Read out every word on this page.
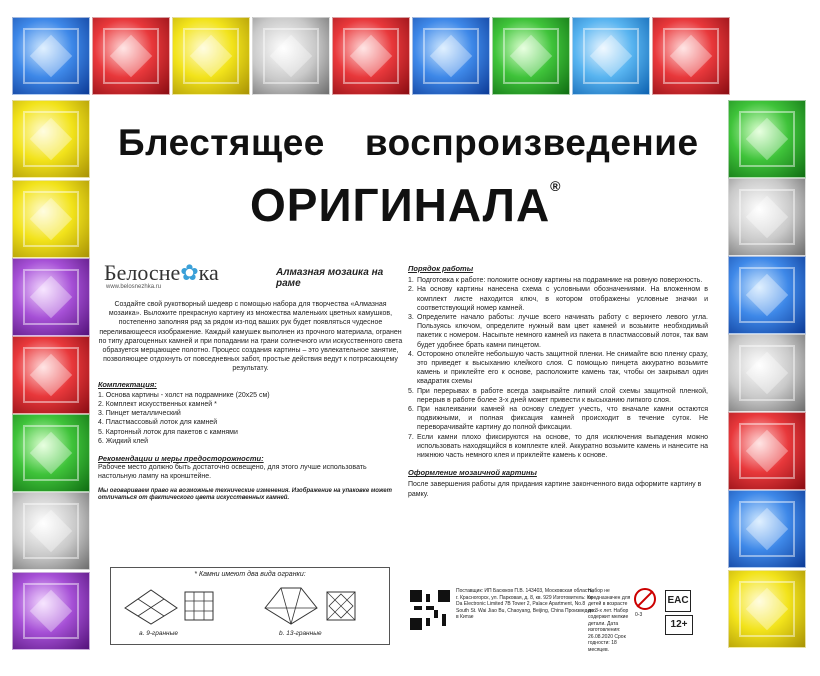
Блестящее воспроизведение
ОРИГИНАЛА®
Белосне✿ка
www.belosnezhka.ru
Алмазная мозаика на раме

Создайте свой рукотворный шедевр с помощью набора для творчества «Алмазная мозаика». Выложите прекрасную картину из множества маленьких цветных камушков, постепенно заполняя ряд за рядом из-под ваших рук будет появляться чудесное переливающееся изображение. Каждый камушек выполнен из прочного материала, огранен по типу драгоценных камней и при попадании на грани солнечного или искусственного света образуется мерцающее полотно. Процесс создания картины – это увлекательное занятие, позволяющее отдохнуть от повседневных забот, простые действия ведут к потрясающему результату.

Комплектация:

1. Основа картины - холст на подрамнике (20х25 см)
2. Комплект искусственных камней *
3. Пинцет металлический
4. Пластмассовый лоток для камней
5. Картонный лоток для пакетов с камнями
6. Жидкий клей

Рекомендации и меры предосторожности:

Рабочее место должно быть достаточно освещено, для этого лучше использовать настольную лампу на кронштейне.

Мы оговариваем право на возможные технические изменения. Изображение на упаковке может отличаться от фактического цвета искусственных камней.

* Камни имеют два вида огранки:
a. 9-гранные	b. 13-гранные

Порядок работы

1. Подготовка к работе: положите основу картины на подрамнике на ровную поверхность.
2. На основу картины нанесена схема с условными обозначениями. На вложенном в комплект листе находится ключ, в котором отображены условные значки и соответствующий номер камней.
3. Определите начало работы: лучше всего начинать работу с верхнего левого угла. Пользуясь ключом, определите нужный вам цвет камней и возьмите необходимый пакетик с номером. Насыпьте немного камней из пакета в пластмассовый лоток, так вам будет удобнее брать камни пинцетом.
4. Осторожно отклейте небольшую часть защитной пленки. Не снимайте всю пленку сразу, это приведет к высыханию клейкого слоя. С помощью пинцета аккуратно возьмите камень и приклейте его к основе, расположите камень так, чтобы он закрывал один квадратик схемы
5. При перерывах в работе всегда закрывайте липкий слой схемы защитной пленкой, перерыв в работе более 3-х дней может привести к высыханию липкого слоя.
6. При наклеивании камней на основу следует учесть, что вначале камни остаются подвижными, и полная фиксация камней происходит в течение суток. Не переворачивайте картину до полной фиксации.
7. Если камни плохо фиксируются на основе, то для исключения выпадения можно использовать находящийся в комплекте клей. Аккуратно возьмите камень и нанесите на нижнюю часть немного клея и приклейте камень к основе.

Оформление мозаичной картины

После завершения работы для придания картине законченного вида оформите картину в рамку.

Поставщик: ИП Басюков П.В. 143403, Московская область, г. Красногорск, ул. Парковая, д. 8, кв. 929 Изготовитель: Ke Da Electronic Limited 7B Tower 2, Palace Apartment, No.8 South St. Wai Jiao Bu, Chaoyang, Beijing, China Произведено в Китае
Набор не предназначен для детей в возрасте до 3-х лет. Набор содержит мелкие детали. Дата изготовления: 26.08.2020 Срок годности: 18 месяцев.
0-3
EAC
12+
